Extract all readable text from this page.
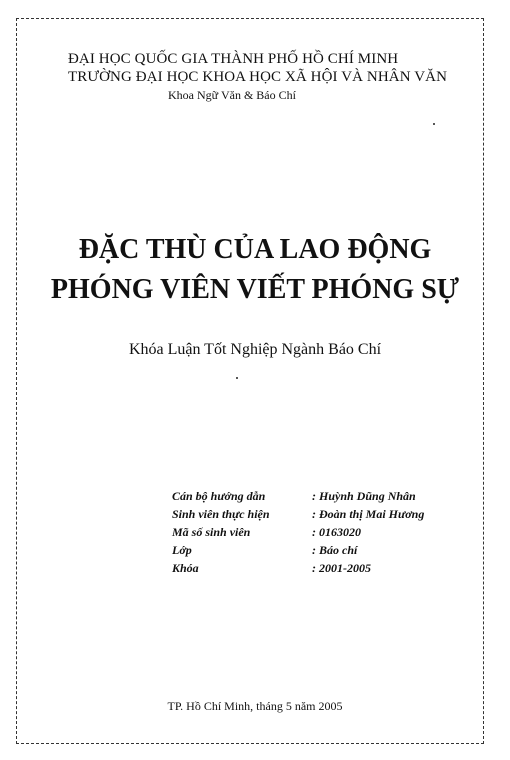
ĐẠI HỌC QUỐC GIA THÀNH PHỐ HỒ CHÍ MINH

TRƯỜNG ĐẠI HỌC KHOA HỌC XÃ HỘI VÀ NHÂN VĂN

Khoa Ngữ Văn & Báo Chí

ĐẶC THÙ CỦA LAO ĐỘNG
PHÓNG VIÊN VIẾT PHÓNG SỰ

Khóa Luận Tốt Nghiệp Ngành Báo Chí

Cán bộ hướng dẫn	: Huỳnh Dũng Nhân
Sinh viên thực hiện	: Đoàn thị Mai Hương
Mã số sinh viên	: 0163020
Lớp	: Báo chí
Khóa	: 2001-2005

TP. Hồ Chí Minh, tháng 5 năm 2005
